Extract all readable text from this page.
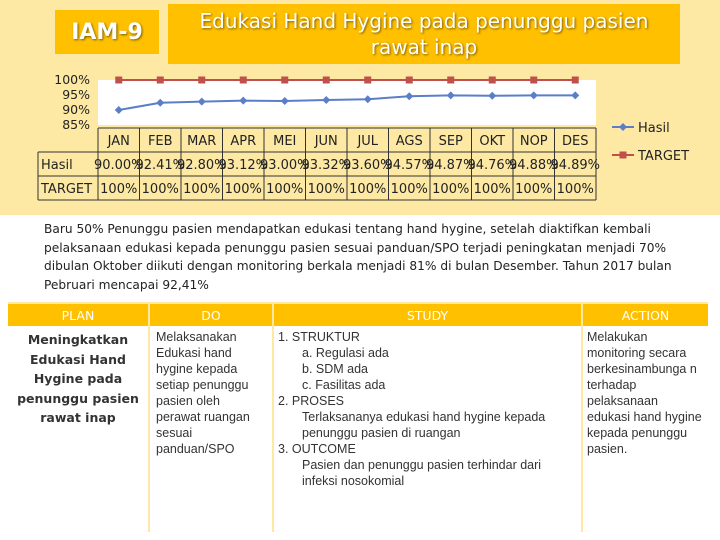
IAM-9	Edukasi Hand Hygine pada penunggu pasien rawat inap
100%
95%
90%
85%
JAN FEB MAR APR MEI JUN JUL AGS SEP OKT NOP DES
Hasil 90.00%
92.41%
92.80%
93.12%
93.00%
93.32%
93.60%
94.57%
94.87%
94.76%
94.88%
94.89%
TARGET 100% 100% 100% 100% 100% 100% 100% 100% 100% 100% 100% 100%
Hasil
TARGET
Baru 50% Penunggu pasien mendapatkan edukasi tentang hand hygine, setelah diaktifkan kembali pelaksanaan edukasi kepada penunggu pasien sesuai panduan/SPO terjadi peningkatan menjadi 70% dibulan Oktober diikuti dengan monitoring berkala menjadi 81% di bulan Desember. Tahun 2017 bulan Pebruari mencapai 92,41%
PLAN
Meningkatkan Edukasi Hand Hygine pada penunggu pasien rawat inap
DO
Melaksanakan Edukasi hand hygine kepada setiap penunggu pasien oleh perawat ruangan sesuai panduan/SPO
STUDY
1. STRUKTUR
a. Regulasi ada
b. SDM ada
c. Fasilitas ada
2. PROSES
Terlaksananya edukasi hand hygine kepada penunggu pasien di ruangan
3. OUTCOME
Pasien dan penunggu pasien terhindar dari infeksi nosokomial
ACTION
Melakukan monitoring secara berkesinambunga n terhadap pelaksanaan edukasi hand hygine kepada penunggu pasien.
